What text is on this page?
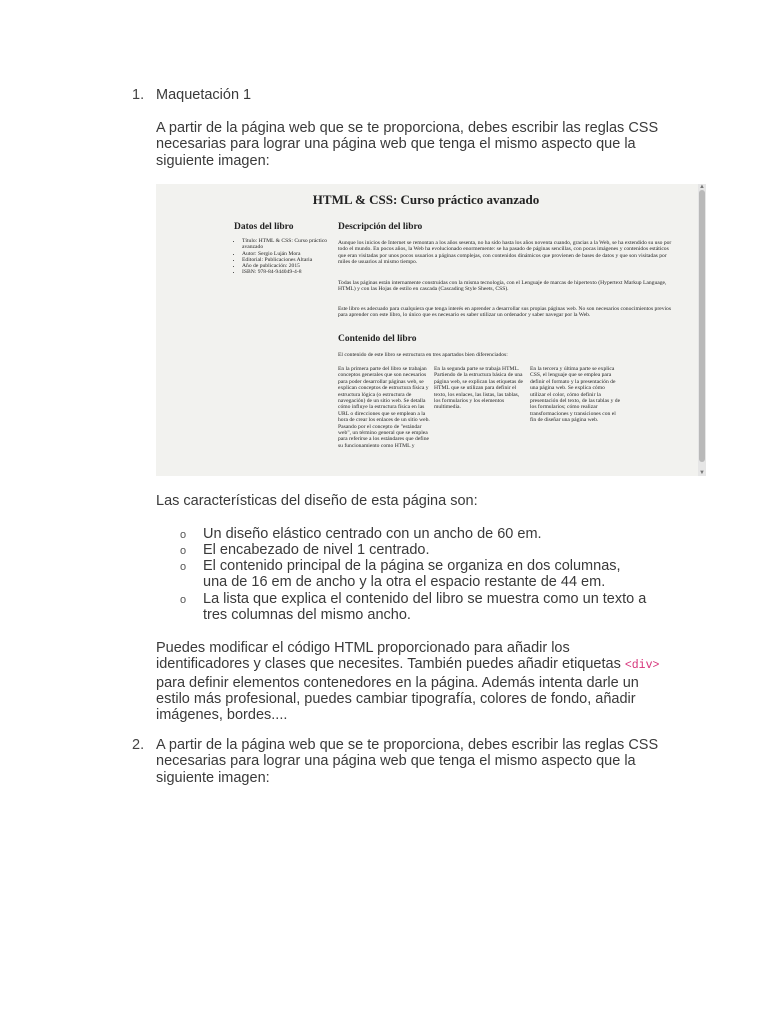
1. Maquetación 1
A partir de la página web que se te proporciona, debes escribir las reglas CSS necesarias para lograr una página web que tenga el mismo aspecto que la siguiente imagen:
HTML & CSS: Curso práctico avanzado
Datos del libro
• Título: HTML & CSS: Curso práctico avanzado
• Autor: Sergio Luján Mora
• Editorial: Publicaciones Altaria
• Año de publicación: 2015
• ISBN: 978-84-944049-4-8
Descripción del libro

Aunque los inicios de Internet se remontan a los años sesenta, no ha sido hasta los años noventa cuando, gracias a la Web, se ha extendido su uso por todo el mundo. En pocos años, la Web ha evolucionado enormemente: se ha pasado de páginas sencillas, con pocas imágenes y contenidos estáticos que eran visitadas por unos pocos usuarios a páginas complejas, con contenidos dinámicos que provienen de bases de datos y que son visitadas por miles de usuarios al mismo tiempo.

Todas las páginas están internamente construidas con la misma tecnología, con el Lenguaje de marcas de hipertexto (Hypertext Markup Language, HTML) y con las Hojas de estilo en cascada (Cascading Style Sheets, CSS).

Este libro es adecuado para cualquiera que tenga interés en aprender a desarrollar sus propias páginas web. No son necesarios conocimientos previos para aprender con este libro, lo único que es necesario es saber utilizar un ordenador y saber navegar por la Web.

Contenido del libro

El contenido de este libro se estructura en tres apartados bien diferenciados:

En la primera parte del libro se trabajan conceptos generales que son necesarios para poder desarrollar páginas web, se explican conceptos de estructura física y estructura lógica (o estructura de navegación) de un sitio web. Se detalla cómo influye la estructura física en las URL o direcciones que se emplean a la hora de crear los enlaces de un sitio web. Pasando por el concepto de "estándar web", un término general que se emplea para referirse a los estándares que define su funcionamiento como HTML y

En la segunda parte se trabaja HTML. Partiendo de la estructura básica de una página web, se explican las etiquetas de HTML que se utilizan para definir el texto, los enlaces, las listas, las tablas, los formularios y los elementos multimedia.

En la tercera y última parte se explica CSS, el lenguaje que se emplea para definir el formato y la presentación de una página web. Se explica cómo utilizar el color, cómo definir la presentación del texto, de las tablas y de los formularios; cómo realizar transformaciones y transiciones con el fin de diseñar una página web.

▲
▼
Las características del diseño de esta página son:
o Un diseño elástico centrado con un ancho de 60 em.
o El encabezado de nivel 1 centrado.
o El contenido principal de la página se organiza en dos columnas, una de 16 em de ancho y la otra el espacio restante de 44 em.
o La lista que explica el contenido del libro se muestra como un texto a tres columnas del mismo ancho.
Puedes modificar el código HTML proporcionado para añadir los identificadores y clases que necesites. También puedes añadir etiquetas <div> para definir elementos contenedores en la página. Además intenta darle un estilo más profesional, puedes cambiar tipografía, colores de fondo, añadir imágenes, bordes....
2. A partir de la página web que se te proporciona, debes escribir las reglas CSS necesarias para lograr una página web que tenga el mismo aspecto que la siguiente imagen:
